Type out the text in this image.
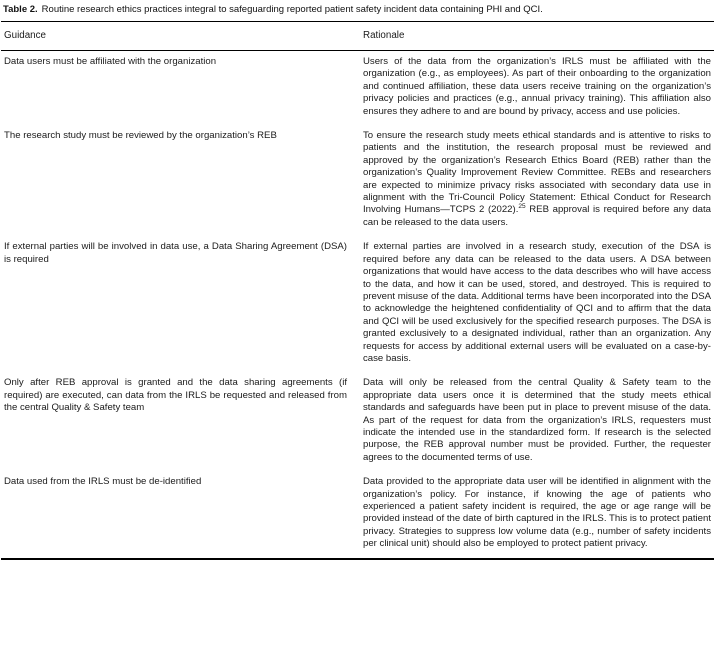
Table 2. Routine research ethics practices integral to safeguarding reported patient safety incident data containing PHI and QCI.
Guidance	Rationale
Data users must be affiliated with the organization	Users of the data from the organization’s IRLS must be affiliated with the organization (e.g., as employees). As part of their onboarding to the organization and continued affiliation, these data users receive training on the organization’s privacy policies and practices (e.g., annual privacy training). This affiliation also ensures they adhere to and are bound by privacy, access and use policies.
The research study must be reviewed by the organization’s REB	To ensure the research study meets ethical standards and is attentive to risks to patients and the institution, the research proposal must be reviewed and approved by the organization’s Research Ethics Board (REB) rather than the organization’s Quality Improvement Review Committee. REBs and researchers are expected to minimize privacy risks associated with secondary data use in alignment with the Tri-Council Policy Statement: Ethical Conduct for Research Involving Humans—TCPS 2 (2022).$^{25}$ REB approval is required before any data can be released to the data users.
If external parties will be involved in data use, a Data Sharing Agreement (DSA) is required	If external parties are involved in a research study, execution of the DSA is required before any data can be released to the data users. A DSA between organizations that would have access to the data describes who will have access to the data, and how it can be used, stored, and destroyed. This is required to prevent misuse of the data. Additional terms have been incorporated into the DSA to acknowledge the heightened confidentiality of QCI and to affirm that the data and QCI will be used exclusively for the specified research purposes. The DSA is granted exclusively to a designated individual, rather than an organization. Any requests for access by additional external users will be evaluated on a case-by-case basis.
Only after REB approval is granted and the data sharing agreements (if required) are executed, can data from the IRLS be requested and released from the central Quality & Safety team	Data will only be released from the central Quality & Safety team to the appropriate data users once it is determined that the study meets ethical standards and safeguards have been put in place to prevent misuse of the data. As part of the request for data from the organization’s IRLS, requesters must indicate the intended use in the standardized form. If research is the selected purpose, the REB approval number must be provided. Further, the requester agrees to the documented terms of use.
Data used from the IRLS must be de-identified	Data provided to the appropriate data user will be identified in alignment with the organization’s policy. For instance, if knowing the age of patients who experienced a patient safety incident is required, the age or age range will be provided instead of the date of birth captured in the IRLS. This is to protect patient privacy. Strategies to suppress low volume data (e.g., number of safety incidents per clinical unit) should also be employed to protect patient privacy.
